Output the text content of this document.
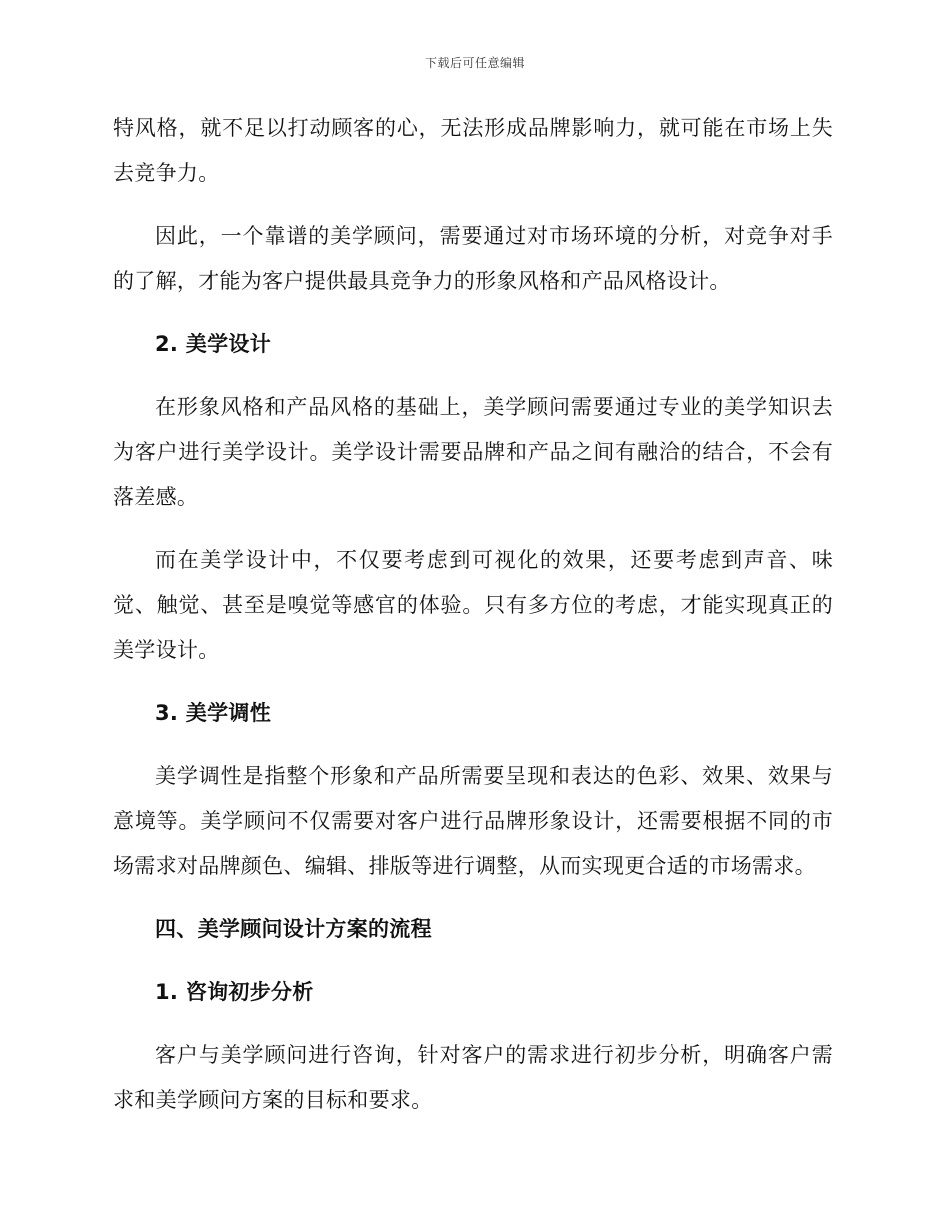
下载后可任意编辑

特风格，就不足以打动顾客的心，无法形成品牌影响力，就可能在市场上失去竞争力。

因此，一个靠谱的美学顾问，需要通过对市场环境的分析，对竞争对手的了解，才能为客户提供最具竞争力的形象风格和产品风格设计。

2. 美学设计

在形象风格和产品风格的基础上，美学顾问需要通过专业的美学知识去为客户进行美学设计。美学设计需要品牌和产品之间有融洽的结合，不会有落差感。

而在美学设计中，不仅要考虑到可视化的效果，还要考虑到声音、味觉、触觉、甚至是嗅觉等感官的体验。只有多方位的考虑，才能实现真正的美学设计。

3. 美学调性

美学调性是指整个形象和产品所需要呈现和表达的色彩、效果、效果与意境等。美学顾问不仅需要对客户进行品牌形象设计，还需要根据不同的市场需求对品牌颜色、编辑、排版等进行调整，从而实现更合适的市场需求。

四、美学顾问设计方案的流程
1. 咨询初步分析

客户与美学顾问进行咨询，针对客户的需求进行初步分析，明确客户需求和美学顾问方案的目标和要求。
